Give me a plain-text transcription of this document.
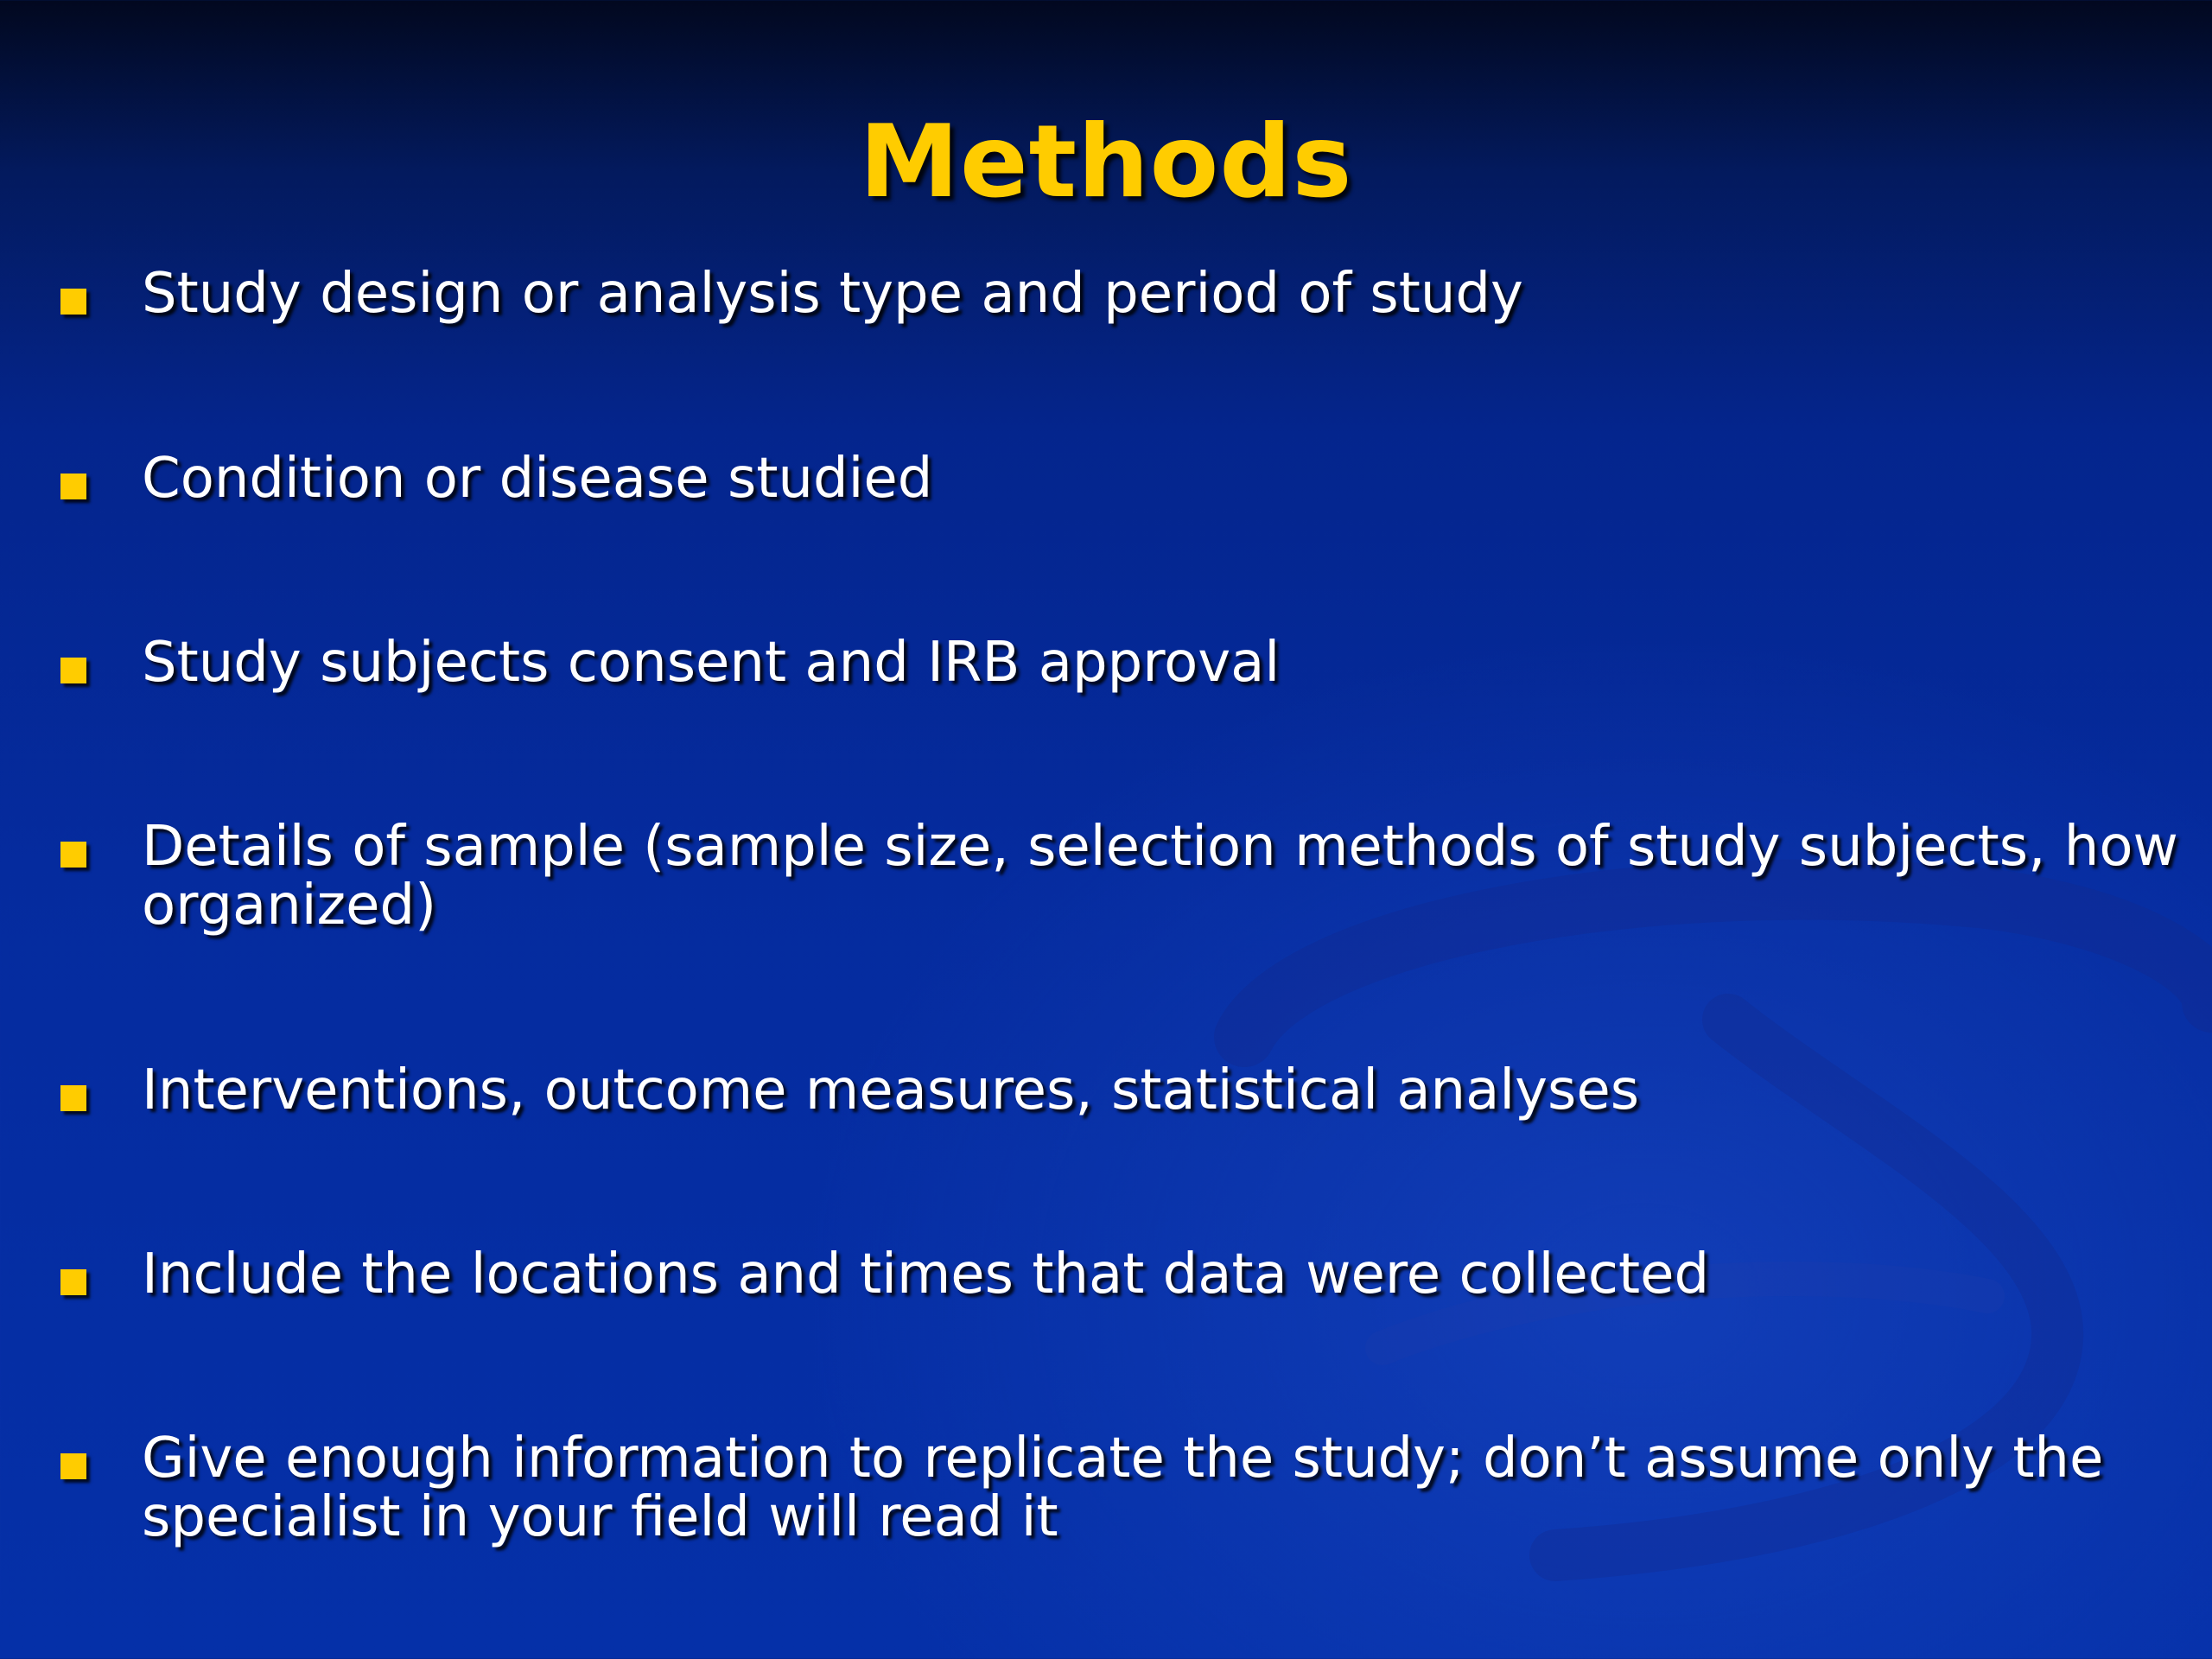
Methods
Study design or analysis type and period of study
Condition or disease studied
Study subjects consent and IRB approval
Details of sample (sample size, selection methods of study subjects, how organized)
Interventions, outcome measures, statistical analyses
Include the locations and times that data were collected
Give enough information to replicate the study; don’t assume only the specialist in your field will read it
